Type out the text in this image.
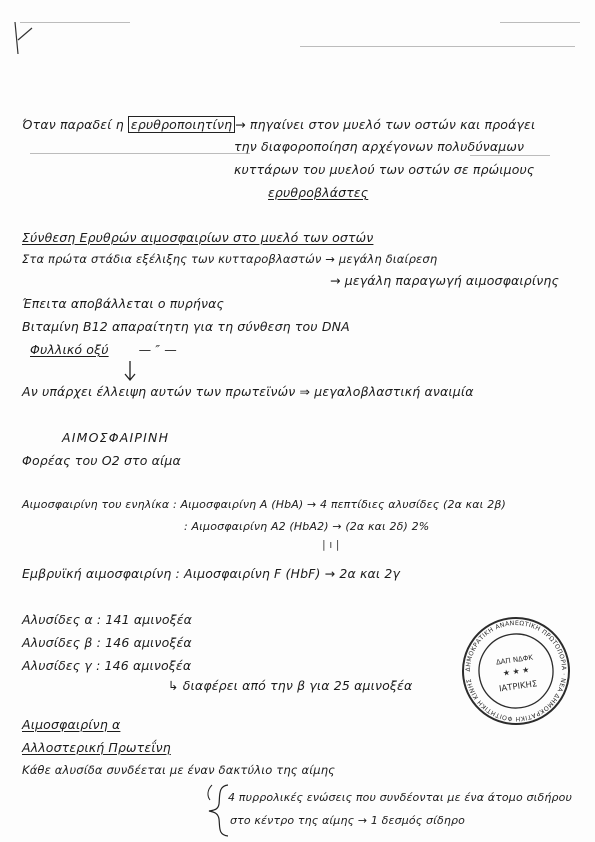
Όταν παραδεί η ερυθροποιητίνη → πηγαίνει στον μυελό των οστών και προάγει
την διαφοροποίηση αρχέγονων πολυδύναμων
κυττάρων του μυελού των οστών σε πρώιμους
ερυθροβλάστες
Σύνθεση Ερυθρών αιμοσφαιρίων στο μυελό των οστών
Στα πρώτα στάδια εξέλιξης των κυτταροβλαστών → μεγάλη διαίρεση
→ μεγάλη παραγωγή αιμοσφαιρίνης
Έπειτα αποβάλλεται ο πυρήνας
Βιταμίνη Β12 απαραίτητη για τη σύνθεση του DNA
Φυλλικό οξύ — ″ —
Αν υπάρχει έλλειψη αυτών των πρωτεϊνών ⇒ μεγαλοβλαστική αναιμία
ΑΙΜΟΣΦΑΙΡΙΝΗ
Φορέας του Ο2 στο αίμα
Αιμοσφαιρίνη του ενηλίκα : Αιμοσφαιρίνη A (HbA) → 4 πεπτίδιες αλυσίδες (2α και 2β)
: Αιμοσφαιρίνη A2 (HbA2) → (2α και 2δ) 2%
| ı |
Εμβρυϊκή αιμοσφαιρίνη : Αιμοσφαιρίνη F (HbF) → 2α και 2γ
Αλυσίδες α : 141 αμινοξέα
Αλυσίδες β : 146 αμινοξέα
Αλυσίδες γ : 146 αμινοξέα
↳ διαφέρει από την β για 25 αμινοξέα
Αιμοσφαιρίνη α
Αλλοστερική Πρωτεΐνη
Κάθε αλυσίδα συνδέεται με έναν δακτύλιο της αίμης
4 πυρρολικές ενώσεις που συνδέονται με ένα άτομο σιδήρου
στο κέντρο της αίμης → 1 δεσμός σίδηρο
ΔΗΜΟΚΡΑΤΙΚΗ ΑΝΑΝΕΩΤΙΚΗ ΠΡΩΤΟΠΟΡΙΑ · ΝΕΑ ΔΗΜΟΚΡΑΤΙΚΗ ΦΟΙΤΗΤΙΚΗ ΚΙΝΗΣΗ
ΔΑΠ ΝΔΦΚ
★ ★ ★
ΙΑΤΡΙΚΗΣ
